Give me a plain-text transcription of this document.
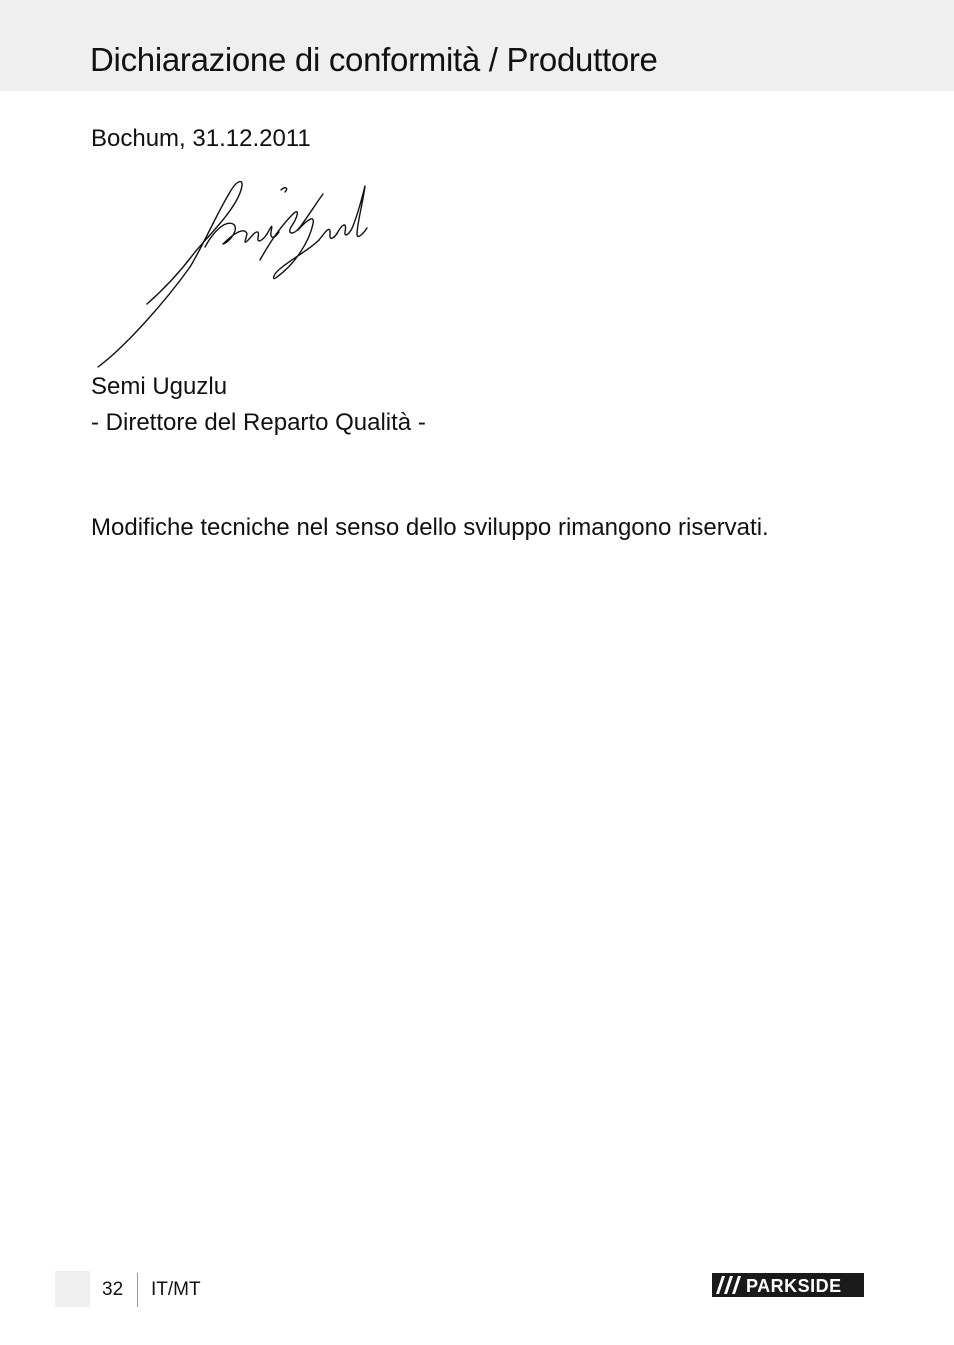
Dichiarazione di conformità / Produttore
Bochum, 31.12.2011
Semi Uguzlu
- Direttore del Reparto Qualità -
Modifiche tecniche nel senso dello sviluppo rimangono riservati.
32 IT/MT	PARKSIDE
